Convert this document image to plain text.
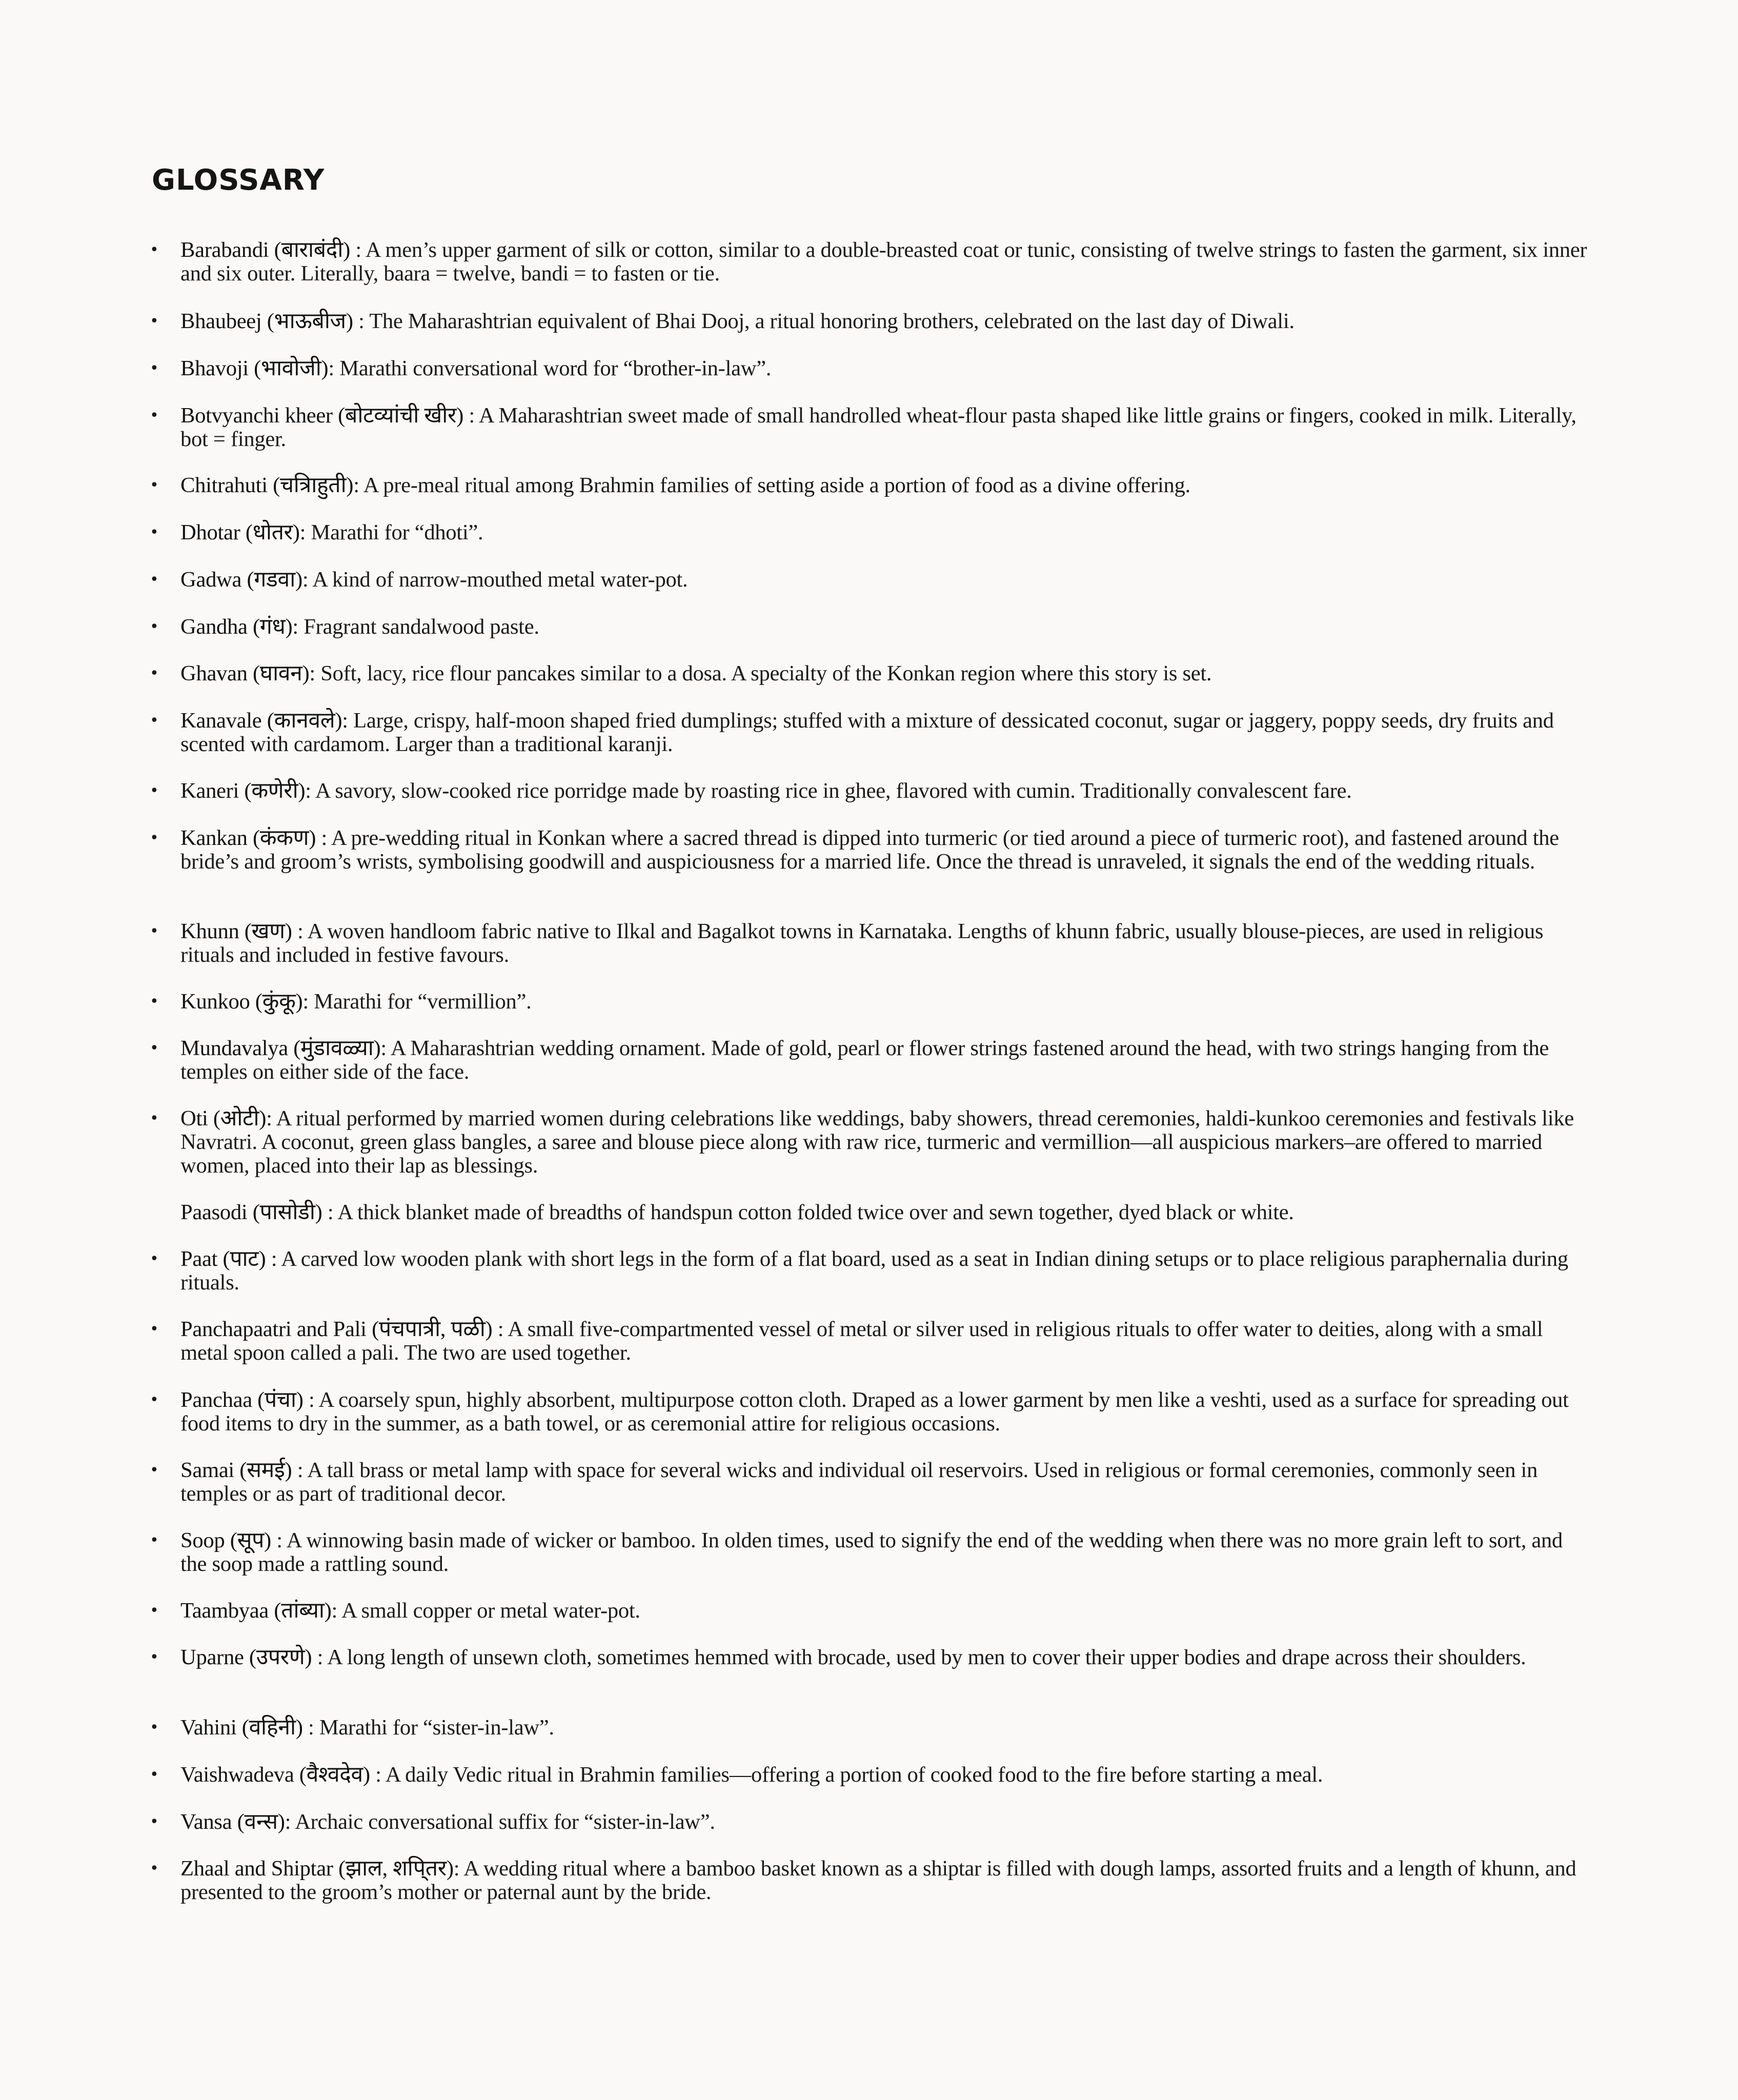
GLOSSARY
• Barabandi (बाराबंदी) : A men’s upper garment of silk or cotton, similar to a double-breasted coat or tunic, consisting of twelve strings to fasten the garment, six inner and six outer. Literally, baara = twelve, bandi = to fasten or tie.
• Bhaubeej (भाऊबीज) : The Maharashtrian equivalent of Bhai Dooj, a ritual honoring brothers, celebrated on the last day of Diwali.
• Bhavoji (भावोजी): Marathi conversational word for “brother-in-law”.
• Botvyanchi kheer (बोटव्यांची खीर) : A Maharashtrian sweet made of small handrolled wheat-flour pasta shaped like little grains or fingers, cooked in milk. Literally, bot = finger.
• Chitrahuti (चत्रिाहुती): A pre-meal ritual among Brahmin families of setting aside a portion of food as a divine offering.
• Dhotar (धोतर): Marathi for “dhoti”.
• Gadwa (गडवा): A kind of narrow-mouthed metal water-pot.
• Gandha (गंध): Fragrant sandalwood paste.
• Ghavan (घावन): Soft, lacy, rice flour pancakes similar to a dosa. A specialty of the Konkan region where this story is set.
• Kanavale (कानवले): Large, crispy, half-moon shaped fried dumplings; stuffed with a mixture of dessicated coconut, sugar or jaggery, poppy seeds, dry fruits and scented with cardamom. Larger than a traditional karanji.
• Kaneri (कणेरी): A savory, slow-cooked rice porridge made by roasting rice in ghee, flavored with cumin. Traditionally convalescent fare.
• Kankan (कंकण) : A pre-wedding ritual in Konkan where a sacred thread is dipped into turmeric (or tied around a piece of turmeric root), and fastened around the bride’s and groom’s wrists, symbolising goodwill and auspiciousness for a married life. Once the thread is unraveled, it signals the end of the wedding rituals.
• Khunn (खण) : A woven handloom fabric native to Ilkal and Bagalkot towns in Karnataka. Lengths of khunn fabric, usually blouse-pieces, are used in religious rituals and included in festive favours.
• Kunkoo (कुंकू): Marathi for “vermillion”.
• Mundavalya (मुंडावळ्या): A Maharashtrian wedding ornament. Made of gold, pearl or flower strings fastened around the head, with two strings hanging from the temples on either side of the face.
• Oti (ओटी): A ritual performed by married women during celebrations like weddings, baby showers, thread ceremonies, haldi-kunkoo ceremonies and festivals like Navratri. A coconut, green glass bangles, a saree and blouse piece along with raw rice, turmeric and vermillion—all auspicious markers–are offered to married women, placed into their lap as blessings.
Paasodi (पासोडी) : A thick blanket made of breadths of handspun cotton folded twice over and sewn together, dyed black or white.
• Paat (पाट) : A carved low wooden plank with short legs in the form of a flat board, used as a seat in Indian dining setups or to place religious paraphernalia during rituals.
• Panchapaatri and Pali (पंचपात्री, पळी) : A small five-compartmented vessel of metal or silver used in religious rituals to offer water to deities, along with a small metal spoon called a pali. The two are used together.
• Panchaa (पंचा) : A coarsely spun, highly absorbent, multipurpose cotton cloth. Draped as a lower garment by men like a veshti, used as a surface for spreading out food items to dry in the summer, as a bath towel, or as ceremonial attire for religious occasions.
• Samai (समई) : A tall brass or metal lamp with space for several wicks and individual oil reservoirs. Used in religious or formal ceremonies, commonly seen in temples or as part of traditional decor.
• Soop (सूप) : A winnowing basin made of wicker or bamboo. In olden times, used to signify the end of the wedding when there was no more grain left to sort, and the soop made a rattling sound.
• Taambyaa (तांब्या): A small copper or metal water-pot.
• Uparne (उपरणे) : A long length of unsewn cloth, sometimes hemmed with brocade, used by men to cover their upper bodies and drape across their shoulders.
• Vahini (वहिनी) : Marathi for “sister-in-law”.
• Vaishwadeva (वैश्वदेव) : A daily Vedic ritual in Brahmin families—offering a portion of cooked food to the fire before starting a meal.
• Vansa (वन्स): Archaic conversational suffix for “sister-in-law”.
• Zhaal and Shiptar (झाल, शपि्तर): A wedding ritual where a bamboo basket known as a shiptar is filled with dough lamps, assorted fruits and a length of khunn, and presented to the groom’s mother or paternal aunt by the bride.
